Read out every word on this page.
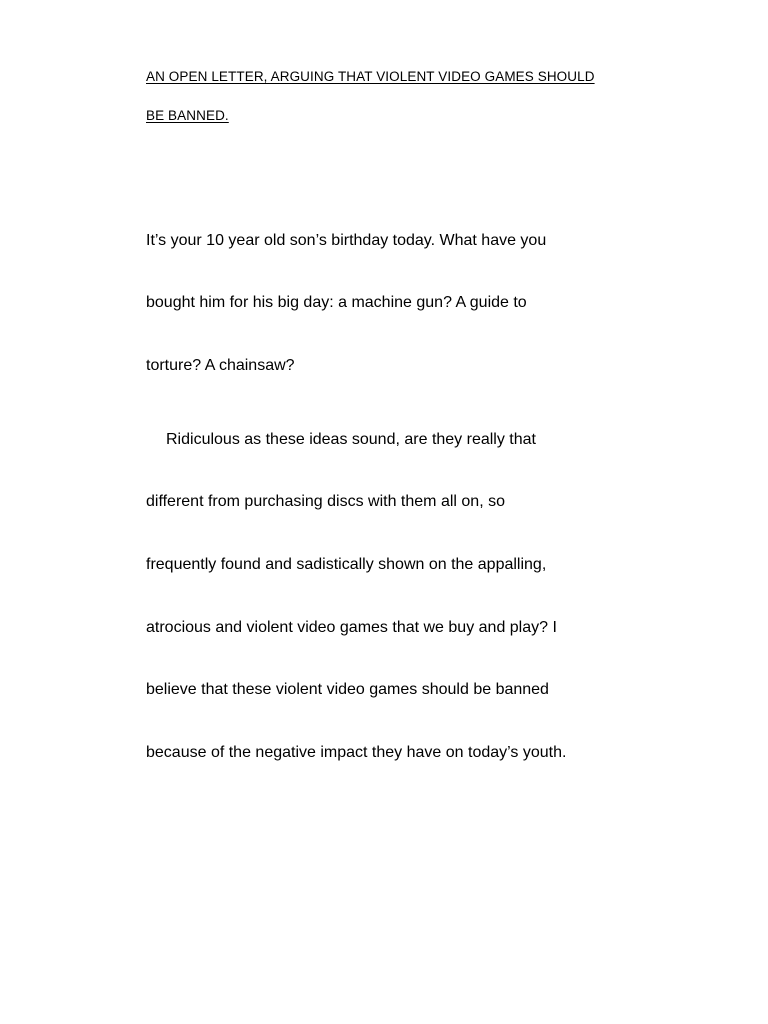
AN OPEN LETTER, ARGUING THAT VIOLENT VIDEO GAMES SHOULD
BE BANNED.
It’s your 10 year old son’s birthday today. What have you
bought him for his big day: a machine gun? A guide to
torture? A chainsaw?
Ridiculous as these ideas sound, are they really that
different from purchasing discs with them all on, so
frequently found and sadistically shown on the appalling,
atrocious and violent video games that we buy and play? I
believe that these violent video games should be banned
because of the negative impact they have on today’s youth.
